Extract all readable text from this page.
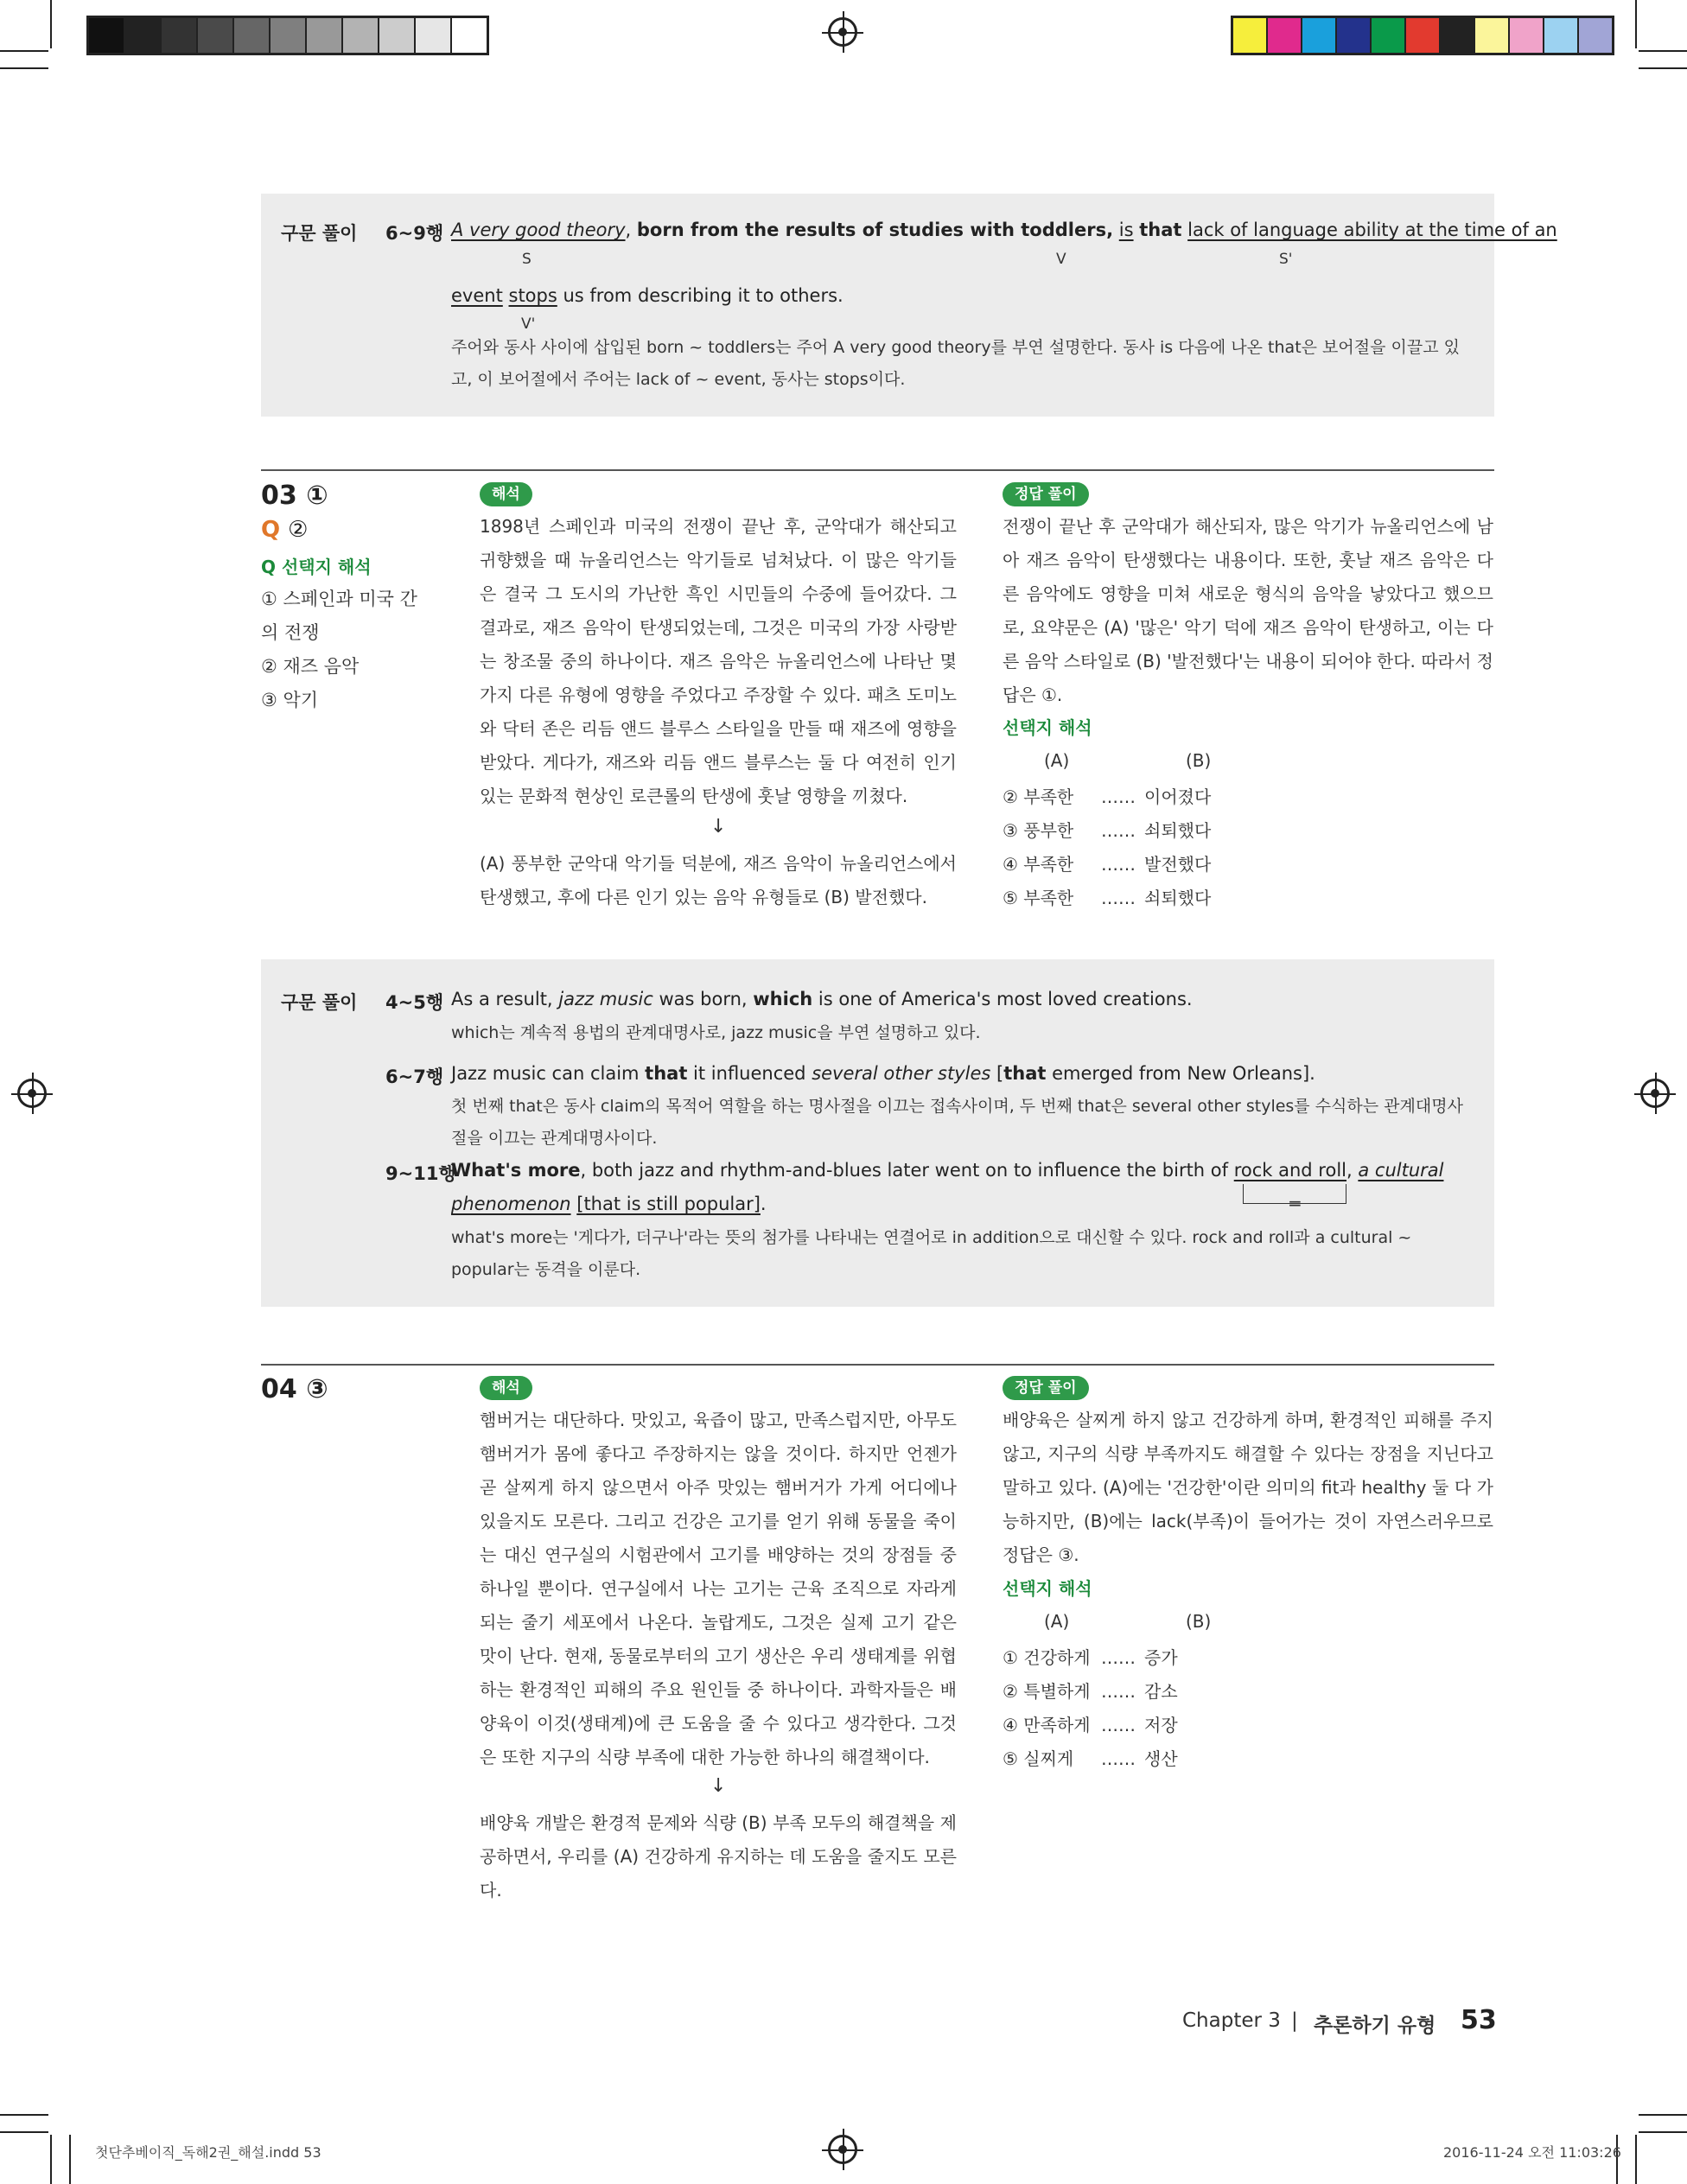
구문 풀이 6~9행 A very good theory, born from the results of studies with toddlers, is that lack of language ability at the time of an
S	V	S'
event stops us from describing it to others.
V'
주어와 동사 사이에 삽입된 born ~ toddlers는 주어 A very good theory를 부연 설명한다. 동사 is 다음에 나온 that은 보어절을 이끌고 있고, 이 보어절에서 주어는 lack of ~ event, 동사는 stops이다.
03 ①
Q ②
Q 선택지 해석
① 스페인과 미국 간의 전쟁
② 재즈 음악
③ 악기
해석
1898년 스페인과 미국의 전쟁이 끝난 후, 군악대가 해산되고 귀향했을 때 뉴올리언스는 악기들로 넘쳐났다. 이 많은 악기들은 결국 그 도시의 가난한 흑인 시민들의 수중에 들어갔다. 그 결과로, 재즈 음악이 탄생되었는데, 그것은 미국의 가장 사랑받는 창조물 중의 하나이다. 재즈 음악은 뉴올리언스에 나타난 몇 가지 다른 유형에 영향을 주었다고 주장할 수 있다. 패츠 도미노와 닥터 존은 리듬 앤드 블루스 스타일을 만들 때 재즈에 영향을 받았다. 게다가, 재즈와 리듬 앤드 블루스는 둘 다 여전히 인기 있는 문화적 현상인 로큰롤의 탄생에 훗날 영향을 끼쳤다.
↓
(A) 풍부한 군악대 악기들 덕분에, 재즈 음악이 뉴올리언스에서 탄생했고, 후에 다른 인기 있는 음악 유형들로 (B) 발전했다.
정답 풀이
전쟁이 끝난 후 군악대가 해산되자, 많은 악기가 뉴올리언스에 남아 재즈 음악이 탄생했다는 내용이다. 또한, 훗날 재즈 음악은 다른 음악에도 영향을 미쳐 새로운 형식의 음악을 낳았다고 했으므로, 요약문은 (A) '많은' 악기 덕에 재즈 음악이 탄생하고, 이는 다른 음악 스타일로 (B) '발전했다'는 내용이 되어야 한다. 따라서 정답은 ①.
선택지 해석
(A)	(B)
② 부족한 …… 이어졌다
③ 풍부한 …… 쇠퇴했다
④ 부족한 …… 발전했다
⑤ 부족한 …… 쇠퇴했다
구문 풀이 4~5행 As a result, jazz music was born, which is one of America's most loved creations.
which는 계속적 용법의 관계대명사로, jazz music을 부연 설명하고 있다.
6~7행 Jazz music can claim that it influenced several other styles [that emerged from New Orleans].
첫 번째 that은 동사 claim의 목적어 역할을 하는 명사절을 이끄는 접속사이며, 두 번째 that은 several other styles를 수식하는 관계대명사절을 이끄는 관계대명사이다.
9~11행
What's more, both jazz and rhythm-and-blues later went on to influence the birth of rock and roll, a cultural
phenomenon [that is still popular].	=
what's more는 '게다가, 더구나'라는 뜻의 첨가를 나타내는 연결어로 in addition으로 대신할 수 있다. rock and roll과 a cultural ~ popular는 동격을 이룬다.
04 ③	해석
햄버거는 대단하다. 맛있고, 육즙이 많고, 만족스럽지만, 아무도 햄버거가 몸에 좋다고 주장하지는 않을 것이다. 하지만 언젠가 곧 살찌게 하지 않으면서 아주 맛있는 햄버거가 가게 어디에나 있을지도 모른다. 그리고 건강은 고기를 얻기 위해 동물을 죽이는 대신 연구실의 시험관에서 고기를 배양하는 것의 장점들 중 하나일 뿐이다. 연구실에서 나는 고기는 근육 조직으로 자라게 되는 줄기 세포에서 나온다. 놀랍게도, 그것은 실제 고기 같은 맛이 난다. 현재, 동물로부터의 고기 생산은 우리 생태계를 위협하는 환경적인 피해의 주요 원인들 중 하나이다. 과학자들은 배양육이 이것(생태계)에 큰 도움을 줄 수 있다고 생각한다. 그것은 또한 지구의 식량 부족에 대한 가능한 하나의 해결책이다.
↓
배양육 개발은 환경적 문제와 식량 (B) 부족 모두의 해결책을 제공하면서, 우리를 (A) 건강하게 유지하는 데 도움을 줄지도 모른다.
정답 풀이
배양육은 살찌게 하지 않고 건강하게 하며, 환경적인 피해를 주지 않고, 지구의 식량 부족까지도 해결할 수 있다는 장점을 지닌다고 말하고 있다. (A)에는 '건강한'이란 의미의 fit과 healthy 둘 다 가능하지만, (B)에는 lack(부족)이 들어가는 것이 자연스러우므로 정답은 ③.
선택지 해석
(A)	(B)
① 건강하게 …… 증가
② 특별하게 …… 감소
④ 만족하게 …… 저장
⑤ 실찌게 …… 생산
Chapter 3 | 추론하기 유형 53
첫단추베이직_독해2권_해설.indd 53	2016-11-24 오전 11:03:26
